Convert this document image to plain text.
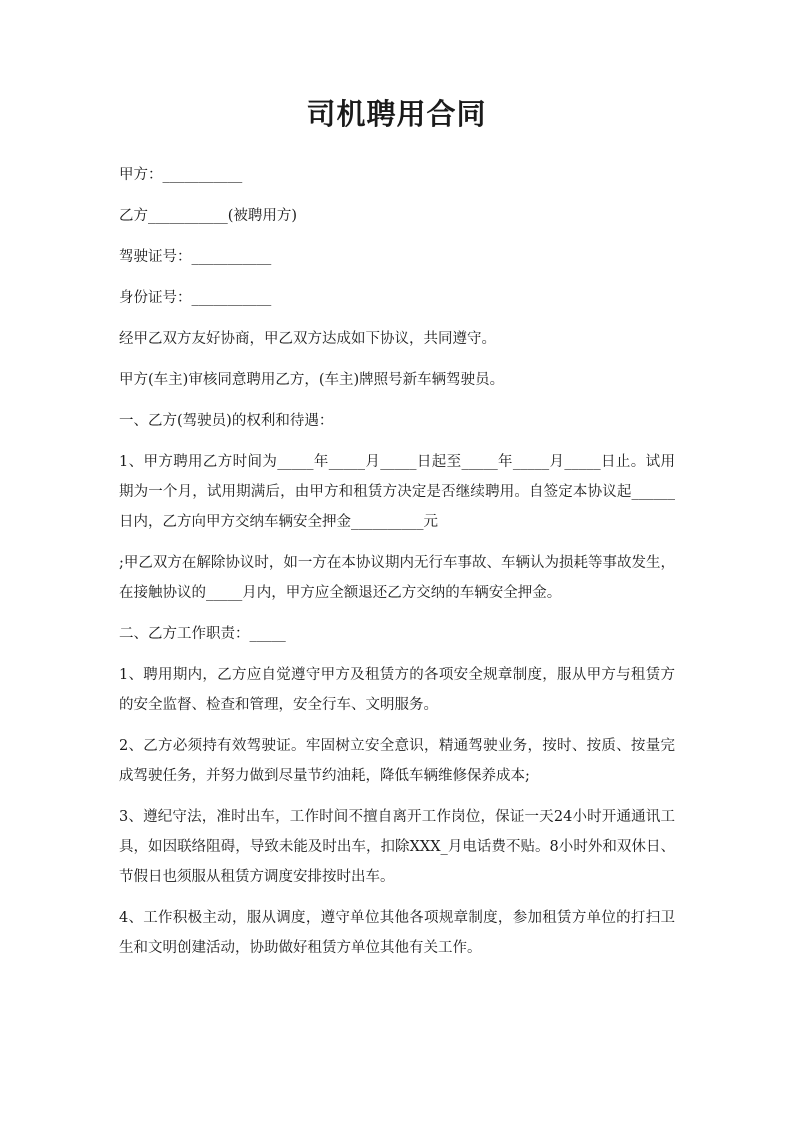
司机聘用合同

甲方：___________

乙方___________(被聘用方)

驾驶证号：___________

身份证号：___________

经甲乙双方友好协商，甲乙双方达成如下协议，共同遵守。

甲方(车主)审核同意聘用乙方，(车主)牌照号新车辆驾驶员。

一、乙方(驾驶员)的权利和待遇：

1、甲方聘用乙方时间为_____年_____月_____日起至_____年_____月_____日止。试用期为一个月，试用期满后，由甲方和租赁方决定是否继续聘用。自签定本协议起______日内，乙方向甲方交纳车辆安全押金__________元

;甲乙双方在解除协议时，如一方在本协议期内无行车事故、车辆认为损耗等事故发生，在接触协议的_____月内，甲方应全额退还乙方交纳的车辆安全押金。

二、乙方工作职责：_____

1、聘用期内，乙方应自觉遵守甲方及租赁方的各项安全规章制度，服从甲方与租赁方的安全监督、检查和管理，安全行车、文明服务。

2、乙方必须持有效驾驶证。牢固树立安全意识，精通驾驶业务，按时、按质、按量完成驾驶任务，并努力做到尽量节约油耗，降低车辆维修保养成本;

3、遵纪守法，准时出车，工作时间不擅自离开工作岗位，保证一天24小时开通通讯工具，如因联络阻碍，导致未能及时出车，扣除XXX_月电话费不贴。8小时外和双休日、节假日也须服从租赁方调度安排按时出车。

4、工作积极主动，服从调度，遵守单位其他各项规章制度，参加租赁方单位的打扫卫生和文明创建活动，协助做好租赁方单位其他有关工作。
